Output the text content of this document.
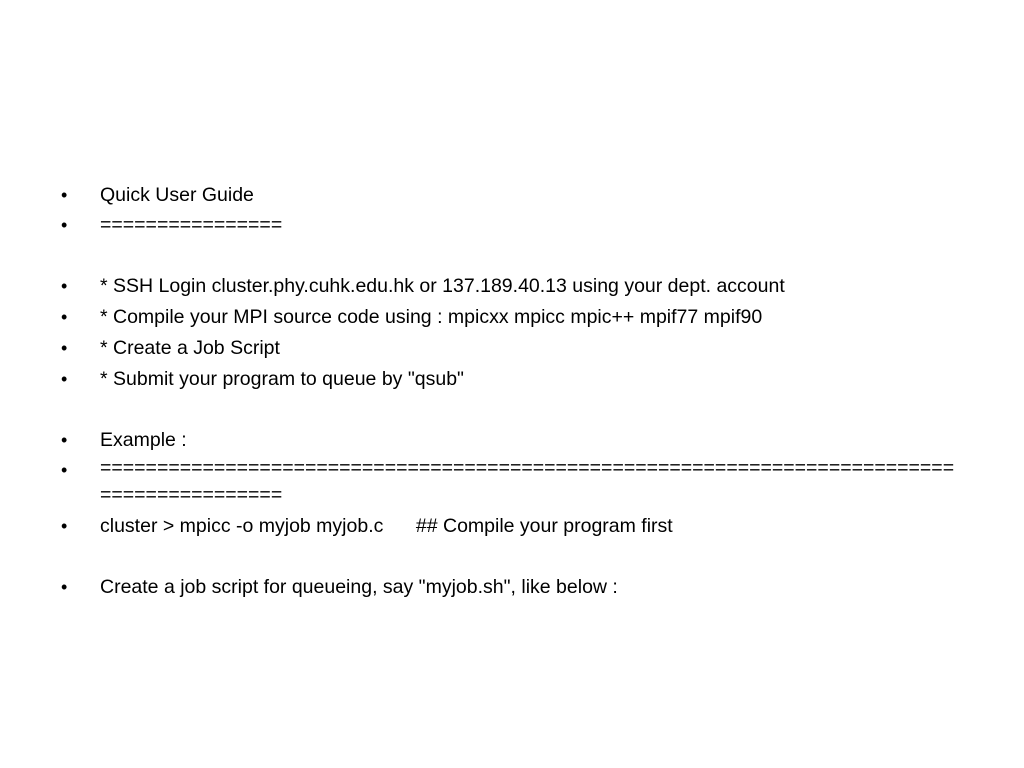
• Quick User Guide
• ================
• * SSH Login cluster.phy.cuhk.edu.hk or 137.189.40.13 using your dept. account
• * Compile your MPI source code using : mpicxx mpicc mpic++ mpif77 mpif90
• * Create a Job Script
• * Submit your program to queue by "qsub"
• Example :
• ===========================================================================================
• cluster > mpicc -o myjob myjob.c      ## Compile your program first
• Create a job script for queueing, say "myjob.sh", like below :
